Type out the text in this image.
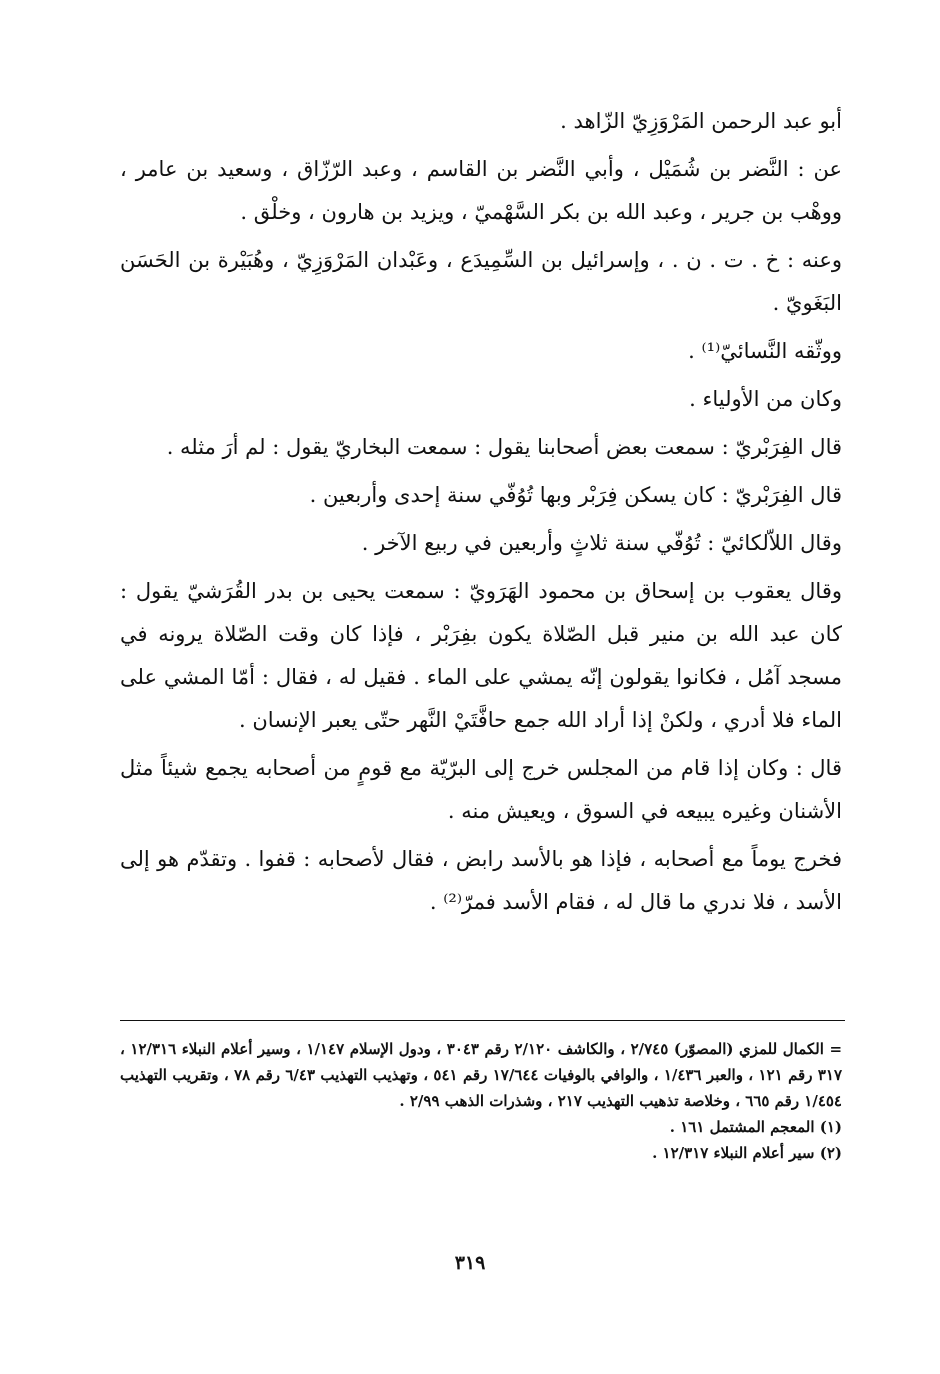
أبو عبد الرحمن المَرْوَزِيّ الزّاهد .

عن : النَّضر بن شُمَيْل ، وأبي النَّضر بن القاسم ، وعبد الرّزّاق ، وسعيد بن عامر ، ووهْب بن جرير ، وعبد الله بن بكر السَّهْميّ ، ويزيد بن هارون ، وخلْق .

وعنه : خ . ت . ن . ، وإسرائيل بن السِّمِيدَع ، وعَبْدان المَرْوَزِيّ ، وهُبَيْرة بن الحَسَن البَغَويّ .

ووثّقه النَّسائيّ⁽¹⁾ .

وكان من الأولياء .

قال الفِرَبْريّ : سمعت بعض أصحابنا يقول : سمعت البخاريّ يقول : لم أرَ مثله .

قال الفِرَبْريّ : كان يسكن فِرَبْر وبها تُوُفّي سنة إحدى وأربعين .

وقال اللاّلكائيّ : تُوُفّي سنة ثلاثٍ وأربعين في ربيع الآخر .

وقال يعقوب بن إسحاق بن محمود الهَرَويّ : سمعت يحيى بن بدر القُرَشيّ يقول : كان عبد الله بن منير قبل الصّلاة يكون بفِرَبْر ، فإذا كان وقت الصّلاة يرونه في مسجد آمُل ، فكانوا يقولون إنّه يمشي على الماء . فقيل له ، فقال : أمّا المشي على الماء فلا أدري ، ولكنْ إذا أراد الله جمع حافَّتَيْ النَّهر حتّى يعبر الإنسان .

قال : وكان إذا قام من المجلس خرج إلى البرّيّة مع قومٍ من أصحابه يجمع شيئاً مثل الأشنان وغيره يبيعه في السوق ، ويعيش منه .

فخرج يوماً مع أصحابه ، فإذا هو بالأسد رابض ، فقال لأصحابه : قفوا . وتقدّم هو إلى الأسد ، فلا ندري ما قال له ، فقام الأسد فمرّ⁽²⁾ .

= الكمال للمزي (المصوّر) ٢/٧٤٥ ، والكاشف ٢/١٢٠ رقم ٣٠٤٣ ، ودول الإسلام ١/١٤٧ ، وسير أعلام النبلاء ١٢/٣١٦ ، ٣١٧ رقم ١٢١ ، والعبر ١/٤٣٦ ، والوافي بالوفيات ١٧/٦٤٤ رقم ٥٤١ ، وتهذيب التهذيب ٦/٤٣ رقم ٧٨ ، وتقريب التهذيب ١/٤٥٤ رقم ٦٦٥ ، وخلاصة تذهيب التهذيب ٢١٧ ، وشذرات الذهب ٢/٩٩ .

(١) المعجم المشتمل ١٦١ .

(٢) سير أعلام النبلاء ١٢/٣١٧ .

٣١٩
